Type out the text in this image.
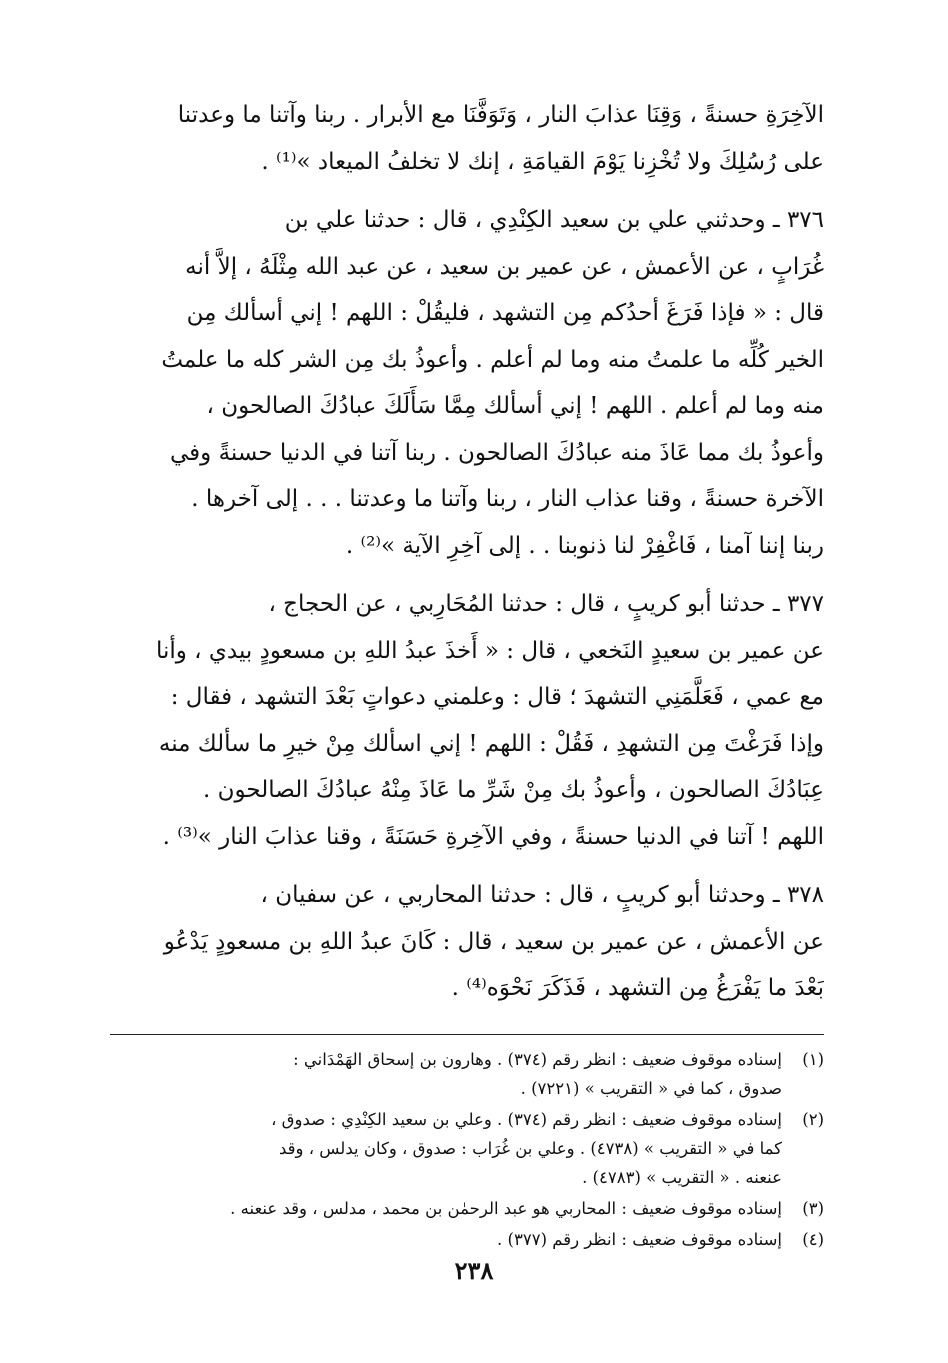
الآخِرَةِ حسنةً ، وَقِنَا عذابَ النار ، وَتَوَفَّنَا مع الأبرار . ربنا وآتنا ما وعدتنا
على رُسُلِكَ ولا تُخْزِنا يَوْمَ القيامَةِ ، إنك لا تخلفُ الميعاد »⁽¹⁾ .
٣٧٦ ـ وحدثني علي بن سعيد الكِنْدِي ، قال : حدثنا علي بن
غُرَابٍ ، عن الأعمش ، عن عمير بن سعيد ، عن عبد الله مِثْلَهُ ، إلاَّ أنه
قال : « فإذا فَرَغَ أحدُكم مِن التشهد ، فليقُلْ : اللهم ! إني أسألك مِن
الخير كُلِّه ما علمتُ منه وما لم أعلم . وأعوذُ بك مِن الشر كله ما علمتُ
منه وما لم أعلم . اللهم ! إني أسألك مِمَّا سَأَلَكَ عبادُكَ الصالحون ،
وأعوذُ بك مما عَاذَ منه عبادُكَ الصالحون . ربنا آتنا في الدنيا حسنةً وفي
الآخرة حسنةً ، وقنا عذاب النار ، ربنا وآتنا ما وعدتنا . . . إلى آخرها .
ربنا إننا آمنا ، فَاغْفِرْ لنا ذنوبنا . . إلى آخِرِ الآية »⁽²⁾ .
٣٧٧ ـ حدثنا أبو كريبٍ ، قال : حدثنا المُحَارِبي ، عن الحجاج ،
عن عمير بن سعيدٍ النَخعي ، قال : « أَخذَ عبدُ اللهِ بن مسعودٍ بيدي ، وأنا
مع عمي ، فَعَلَّمَنِي التشهدَ ؛ قال : وعلمني دعواتٍ بَعْدَ التشهد ، فقال :
وإذا فَرَغْتَ مِن التشهدِ ، فَقُلْ : اللهم ! إني اسألك مِنْ خيرِ ما سألك منه
عِبَادُكَ الصالحون ، وأعوذُ بك مِنْ شَرِّ ما عَاذَ مِنْهُ عبادُكَ الصالحون .
اللهم ! آتنا في الدنيا حسنةً ، وفي الآخِرةِ حَسَنَةً ، وقنا عذابَ النار »⁽³⁾ .
٣٧٨ ـ وحدثنا أبو كريبٍ ، قال : حدثنا المحاربي ، عن سفيان ،
عن الأعمش ، عن عمير بن سعيد ، قال : كَانَ عبدُ اللهِ بن مسعودٍ يَدْعُو
بَعْدَ ما يَفْرَغُ مِن التشهد ، فَذَكَرَ نَحْوَه⁽⁴⁾ .
(١)
إسناده موقوف ضعيف : انظر رقم (٣٧٤) . وهارون بن إسحاق الهَمْدَاني :
صدوق ، كما في « التقريب » (٧٢٢١) .
(٢)
إسناده موقوف ضعيف : انظر رقم (٣٧٤) . وعلي بن سعيد الكِنْدِي : صدوق ،
كما في « التقريب » (٤٧٣٨) . وعلي بن غُرَاب : صدوق ، وكان يدلس ، وقد
عنعنه . « التقريب » (٤٧٨٣) .
(٣)
إسناده موقوف ضعيف : المحاربي هو عبد الرحمٰن بن محمد ، مدلس ، وقد عنعنه .
(٤)
إسناده موقوف ضعيف : انظر رقم (٣٧٧) .
٢٣٨
